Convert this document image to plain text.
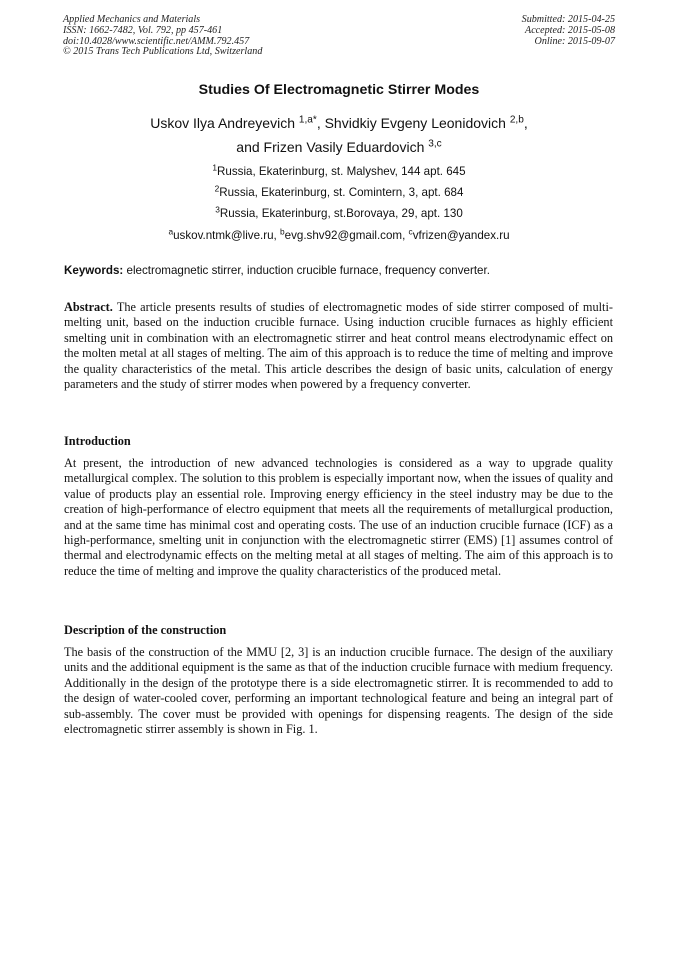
Applied Mechanics and Materials
ISSN: 1662-7482, Vol. 792, pp 457-461
doi:10.4028/www.scientific.net/AMM.792.457
© 2015 Trans Tech Publications Ltd, Switzerland
Submitted: 2015-04-25
Accepted: 2015-05-08
Online: 2015-09-07
Studies Of Electromagnetic Stirrer Modes
Uskov Ilya Andreyevich $^{1,a*}$, Shvidkiy Evgeny Leonidovich $^{2,b}$,
and Frizen Vasily Eduardovich $^{3,c}$
$^1$Russia, Ekaterinburg, st. Malyshev, 144 apt. 645
$^2$Russia, Ekaterinburg, st. Comintern, 3, apt. 684
$^3$Russia, Ekaterinburg, st.Borovaya, 29, apt. 130
$^a$uskov.ntmk@live.ru, $^b$evg.shv92@gmail.com, $^c$vfrizen@yandex.ru
Keywords: electromagnetic stirrer, induction crucible furnace, frequency converter.

Abstract. The article presents results of studies of electromagnetic modes of side stirrer composed of multi-melting unit, based on the induction crucible furnace. Using induction crucible furnaces as highly efficient smelting unit in combination with an electromagnetic stirrer and heat control means electrodynamic effect on the molten metal at all stages of melting. The aim of this approach is to reduce the time of melting and improve the quality characteristics of the metal. This article describes the design of basic units, calculation of energy parameters and the study of stirrer modes when powered by a frequency converter.

Introduction

At present, the introduction of new advanced technologies is considered as a way to upgrade quality metallurgical complex. The solution to this problem is especially important now, when the issues of quality and value of products play an essential role. Improving energy efficiency in the steel industry may be due to the creation of high-performance of electro equipment that meets all the requirements of metallurgical production, and at the same time has minimal cost and operating costs. The use of an induction crucible furnace (ICF) as a high-performance, smelting unit in conjunction with the electromagnetic stirrer (EMS) [1] assumes control of thermal and electrodynamic effects on the melting metal at all stages of melting. The aim of this approach is to reduce the time of melting and improve the quality characteristics of the produced metal.

Description of the construction

The basis of the construction of the MMU [2, 3] is an induction crucible furnace. The design of the auxiliary units and the additional equipment is the same as that of the induction crucible furnace with medium frequency. Additionally in the design of the prototype there is a side electromagnetic stirrer. It is recommended to add to the design of water-cooled cover, performing an important technological feature and being an integral part of sub-assembly. The cover must be provided with openings for dispensing reagents. The design of the side electromagnetic stirrer assembly is shown in Fig. 1.
